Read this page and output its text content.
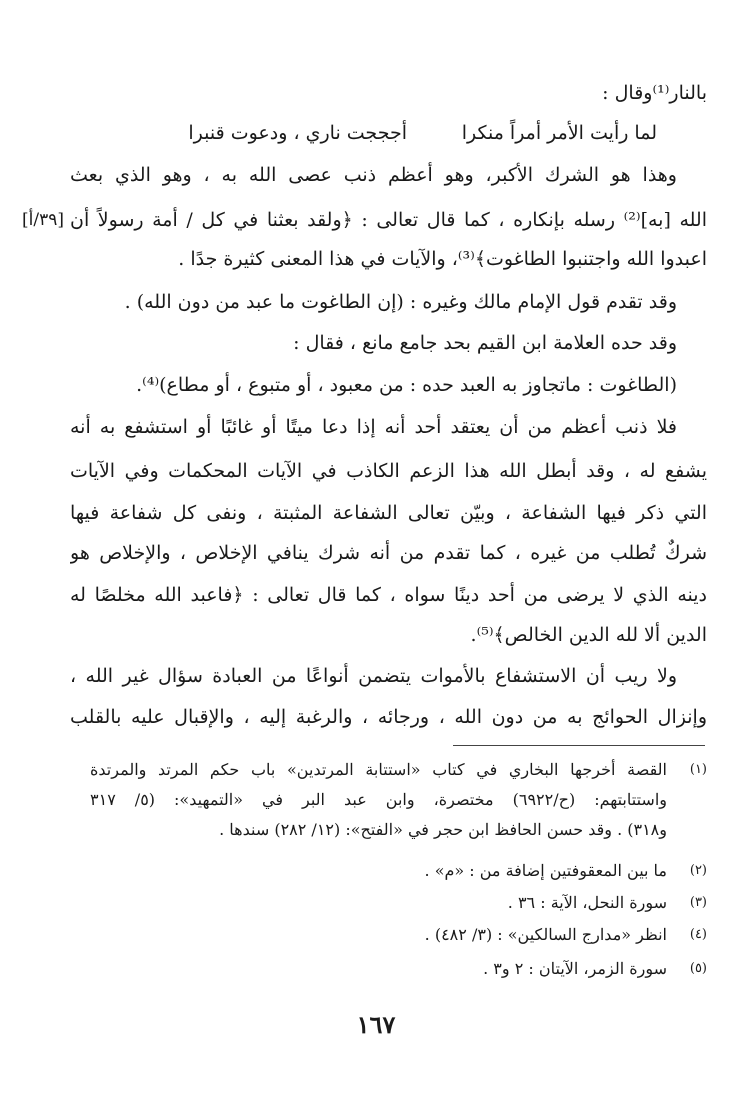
بالنار⁽¹⁾وقال :
لما رأيت الأمر أمراً منكرا
أجججت ناري ، ودعوت قنبرا
وهذا هو الشرك الأكبر، وهو أعظم ذنب عصى الله به ، وهو الذي بعث
الله [به]⁽²⁾ رسله بإنكاره ، كما قال تعالى : ﴿ولقد بعثنا في كل / أمة رسولاً أن
[٣٩/أ]
اعبدوا الله واجتنبوا الطاغوت﴾⁽³⁾، والآيات في هذا المعنى كثيرة جدًا .
وقد تقدم قول الإمام مالك وغيره : (إن الطاغوت ما عبد من دون الله) .
وقد حده العلامة ابن القيم بحد جامع مانع ، فقال :
(الطاغوت : ماتجاوز به العبد حده : من معبود ، أو متبوع ، أو مطاع)⁽⁴⁾.
فلا ذنب أعظم من أن يعتقد أحد أنه إذا دعا ميتًا أو غائبًا أو استشفع به أنه
يشفع له ، وقد أبطل الله هذا الزعم الكاذب في الآيات المحكمات وفي الآيات
التي ذكر فيها الشفاعة ، وبيّن تعالى الشفاعة المثبتة ، ونفى كل شفاعة فيها
شركٌ تُطلب من غيره ، كما تقدم من أنه شرك ينافي الإخلاص ، والإخلاص هو
دينه الذي لا يرضى من أحد دينًا سواه ، كما قال تعالى : ﴿فاعبد الله مخلصًا له
الدين ألا لله الدين الخالص﴾⁽⁵⁾.
ولا ريب أن الاستشفاع بالأموات يتضمن أنواعًا من العبادة سؤال غير الله ،
وإنزال الحوائج به من دون الله ، ورجائه ، والرغبة إليه ، والإقبال عليه بالقلب
(١)
القصة أخرجها البخاري في كتاب «استتابة المرتدين» باب حكم المرتد والمرتدة
واستتابتهم: (ح/٦٩٢٢) مختصرة، وابن عبد البر في «التمهيد»: (٥/ ٣١٧
و٣١٨) . وقد حسن الحافظ ابن حجر في «الفتح»: (١٢/ ٢٨٢) سندها .
(٢)
ما بين المعقوفتين إضافة من : «م» .
(٣)
سورة النحل، الآية : ٣٦ .
(٤)
انظر «مدارج السالكين» : (٣/ ٤٨٢) .
(٥)
سورة الزمر، الآيتان : ٢ و٣ .
١٦٧
